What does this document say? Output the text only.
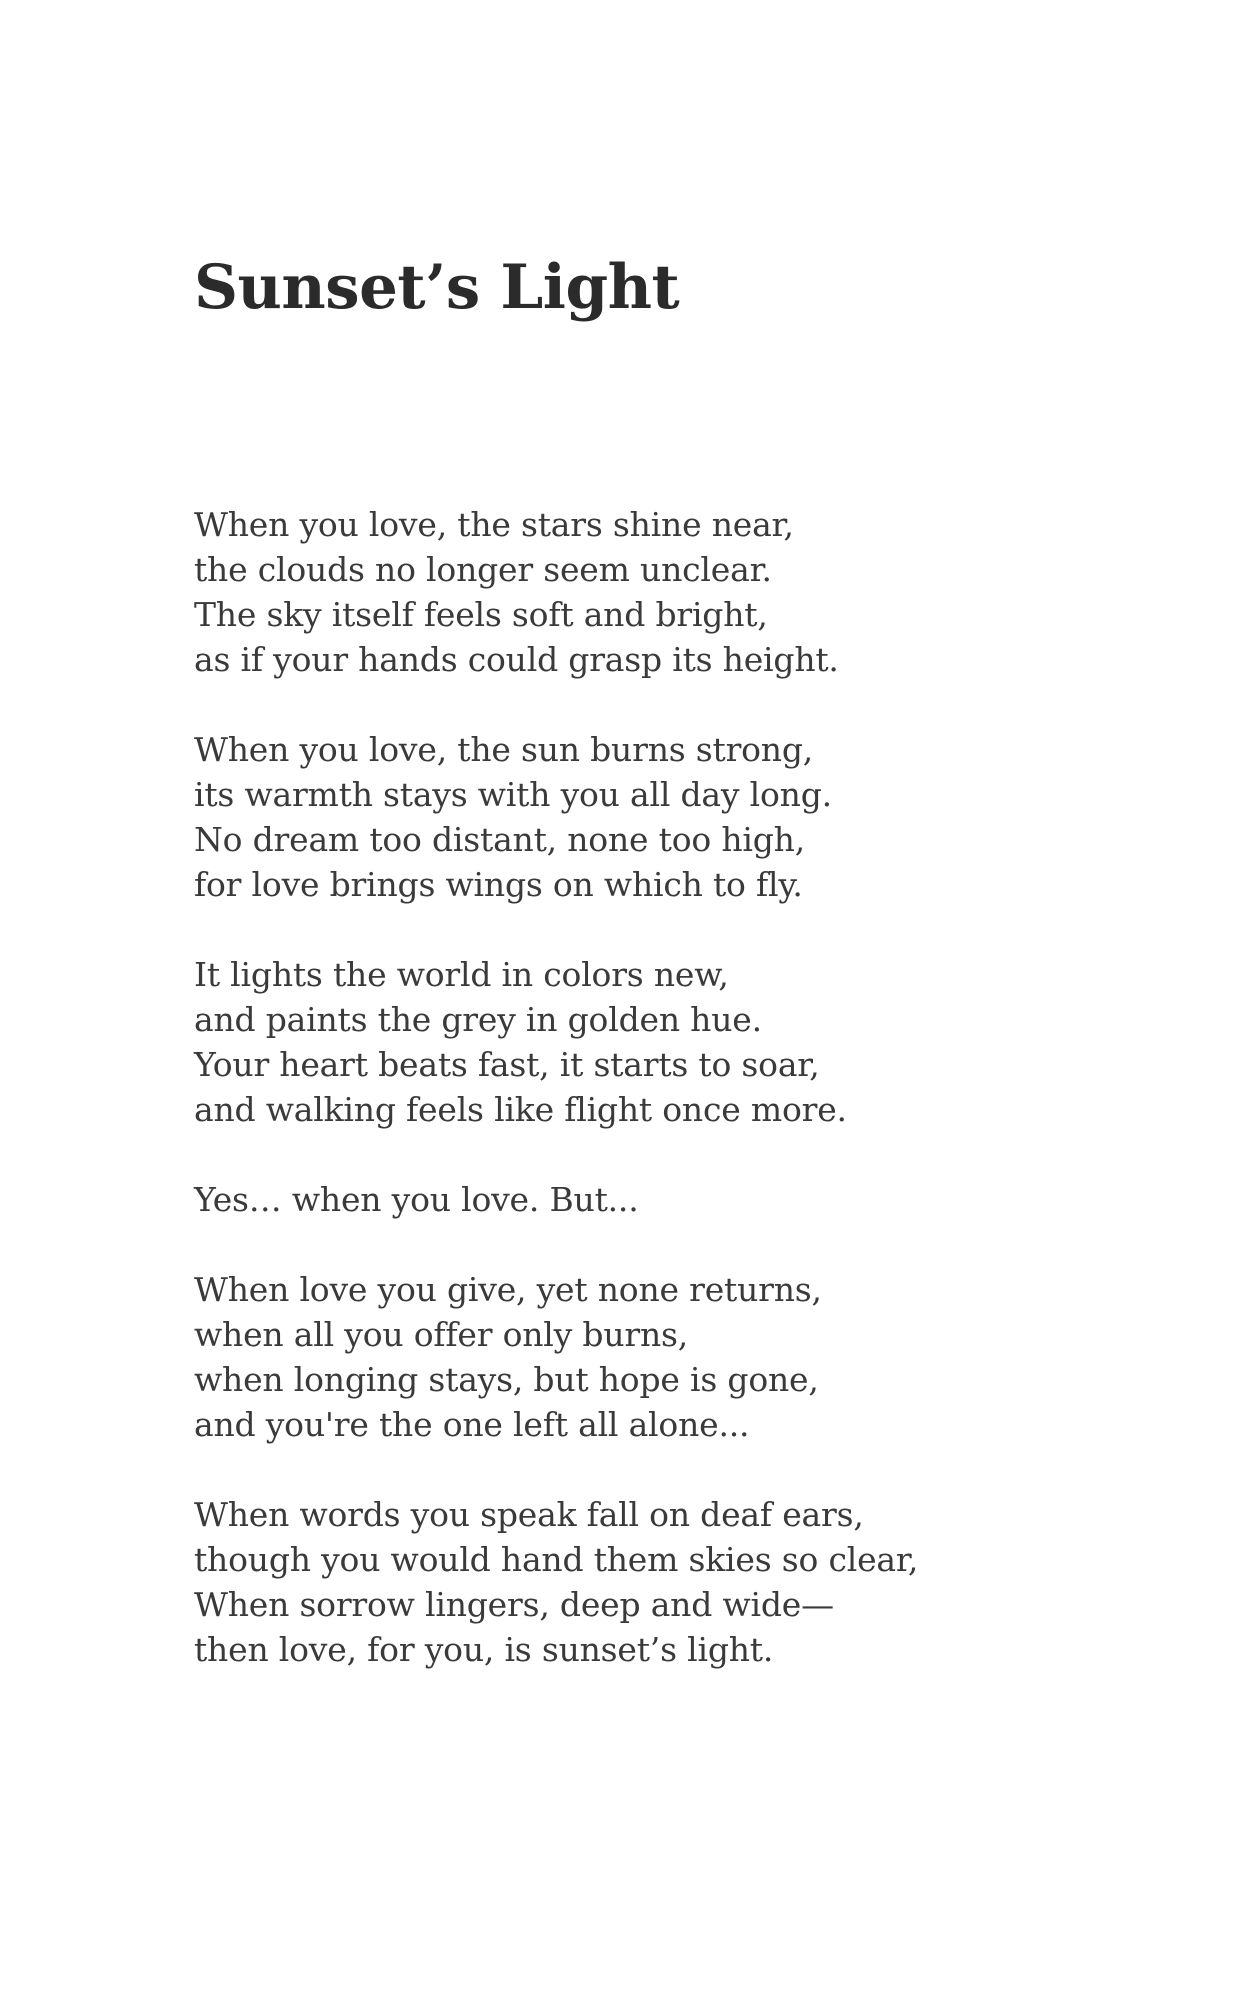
Sunset’s Light
When you love, the stars shine near,
the clouds no longer seem unclear.
The sky itself feels soft and bright,
as if your hands could grasp its height.
When you love, the sun burns strong,
its warmth stays with you all day long.
No dream too distant, none too high,
for love brings wings on which to fly.
It lights the world in colors new,
and paints the grey in golden hue.
Your heart beats fast, it starts to soar,
and walking feels like flight once more.
Yes… when you love. But...
When love you give, yet none returns,
when all you offer only burns,
when longing stays, but hope is gone,
and you're the one left all alone...
When words you speak fall on deaf ears,
though you would hand them skies so clear,
When sorrow lingers, deep and wide—
then love, for you, is sunset’s light.
